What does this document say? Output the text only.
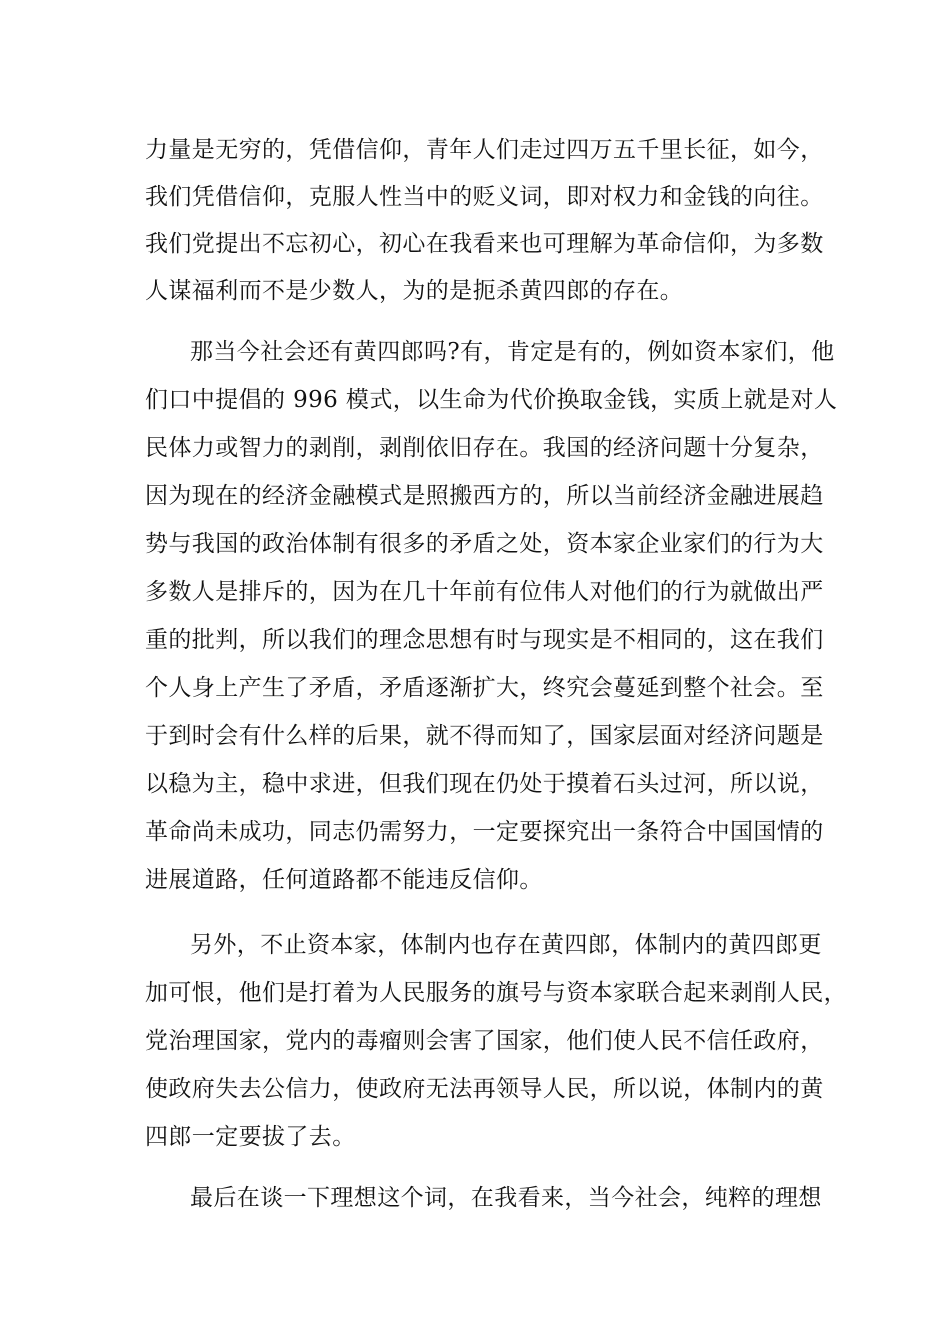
力量是无穷的，凭借信仰，青年人们走过四万五千里长征，如今，
我们凭借信仰，克服人性当中的贬义词，即对权力和金钱的向往。
我们党提出不忘初心，初心在我看来也可理解为革命信仰，为多数
人谋福利而不是少数人，为的是扼杀黄四郎的存在。
那当今社会还有黄四郎吗?有，肯定是有的，例如资本家们，他
们口中提倡的 996 模式，以生命为代价换取金钱，实质上就是对人
民体力或智力的剥削，剥削依旧存在。我国的经济问题十分复杂，
因为现在的经济金融模式是照搬西方的，所以当前经济金融进展趋
势与我国的政治体制有很多的矛盾之处，资本家企业家们的行为大
多数人是排斥的，因为在几十年前有位伟人对他们的行为就做出严
重的批判，所以我们的理念思想有时与现实是不相同的，这在我们
个人身上产生了矛盾，矛盾逐渐扩大，终究会蔓延到整个社会。至
于到时会有什么样的后果，就不得而知了，国家层面对经济问题是
以稳为主，稳中求进，但我们现在仍处于摸着石头过河，所以说，
革命尚未成功，同志仍需努力，一定要探究出一条符合中国国情的
进展道路，任何道路都不能违反信仰。
另外，不止资本家，体制内也存在黄四郎，体制内的黄四郎更
加可恨，他们是打着为人民服务的旗号与资本家联合起来剥削人民，
党治理国家，党内的毒瘤则会害了国家，他们使人民不信任政府，
使政府失去公信力，使政府无法再领导人民，所以说，体制内的黄
四郎一定要拔了去。
最后在谈一下理想这个词，在我看来，当今社会，纯粹的理想
